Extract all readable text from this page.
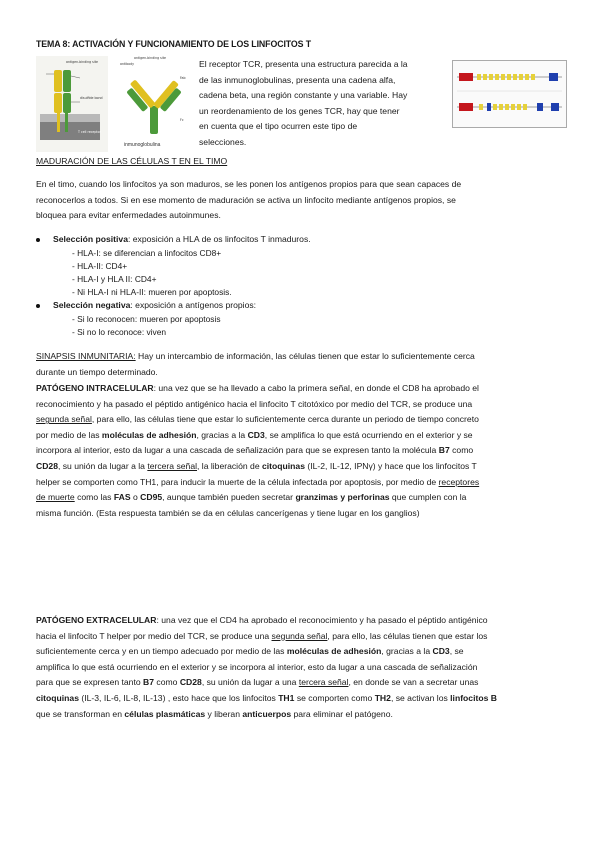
TEMA 8: ACTIVACIÓN Y FUNCIONAMIENTO DE LOS LINFOCITOS T
antigen-binding site	antibody
antigen-binding site
Fab
Fc
disulfide bond
T cell receptor
inmunoglobulina
El receptor TCR, presenta una estructura parecida a la
de las inmunoglobulinas, presenta una cadena alfa,
cadena beta, una región constante y una variable. Hay
un reordenamiento de los genes TCR, hay que tener
en cuenta que el tipo ocurren este tipo de
selecciones.
MADURACIÓN DE LAS CÉLULAS T EN EL TIMO
En el timo, cuando los linfocitos ya son maduros, se les ponen los antígenos propios para que sean capaces de
reconocerlos a todos. Si en ese momento de maduración se activa un linfocito mediante antígenos propios, se
bloquea para evitar enfermedades autoinmunes.
Selección positiva: exposición a HLA de os linfocitos T inmaduros.
- HLA-I: se diferencian a linfocitos CD8+
- HLA-II: CD4+
- HLA-I y HLA II: CD4+
- Ni HLA-I ni HLA-II: mueren por apoptosis.
Selección negativa: exposición a antígenos propios:
- Si lo reconocen: mueren por apoptosis
- Si no lo reconoce: viven
SINAPSIS INMUNITARIA: Hay un intercambio de información, las células tienen que estar lo suficientemente cerca
durante un tiempo determinado.
PATÓGENO INTRACELULAR: una vez que se ha llevado a cabo la primera señal, en donde el CD8 ha aprobado el
reconocimiento y ha pasado el péptido antigénico hacia el linfocito T citotóxico por medio del TCR, se produce una
segunda señal, para ello, las células tiene que estar lo suficientemente cerca durante un periodo de tiempo concreto
por medio de las moléculas de adhesión, gracias a la CD3, se amplifica lo que está ocurriendo en el exterior y se
incorpora al interior, esto da lugar a una cascada de señalización para que se expresen tanto la molécula B7 como
CD28, su unión da lugar a la tercera señal, la liberación de citoquinas (IL-2, IL-12, IPNγ) y hace que los linfocitos T
helper se comporten como TH1, para inducir la muerte de la célula infectada por apoptosis, por medio de receptores
de muerte como las FAS o CD95, aunque también pueden secretar granzimas y perforinas que cumplen con la
misma función. (Esta respuesta también se da en células cancerígenas y tiene lugar en los ganglios)
PATÓGENO EXTRACELULAR: una vez que el CD4 ha aprobado el reconocimiento y ha pasado el péptido antigénico
hacia el linfocito T helper por medio del TCR, se produce una segunda señal, para ello, las células tienen que estar los
suficientemente cerca y en un tiempo adecuado por medio de las moléculas de adhesión, gracias a la CD3, se
amplifica lo que está ocurriendo en el exterior y se incorpora al interior, esto da lugar a una cascada de señalización
para que se expresen tanto B7 como CD28, su unión da lugar a una tercera señal, en donde se van a secretar unas
citoquinas (IL-3, IL-6, IL-8, IL-13) , esto hace que los linfocitos TH1 se comporten como TH2, se activan los linfocitos B
que se transforman en células plasmáticas y liberan anticuerpos para eliminar el patógeno.
